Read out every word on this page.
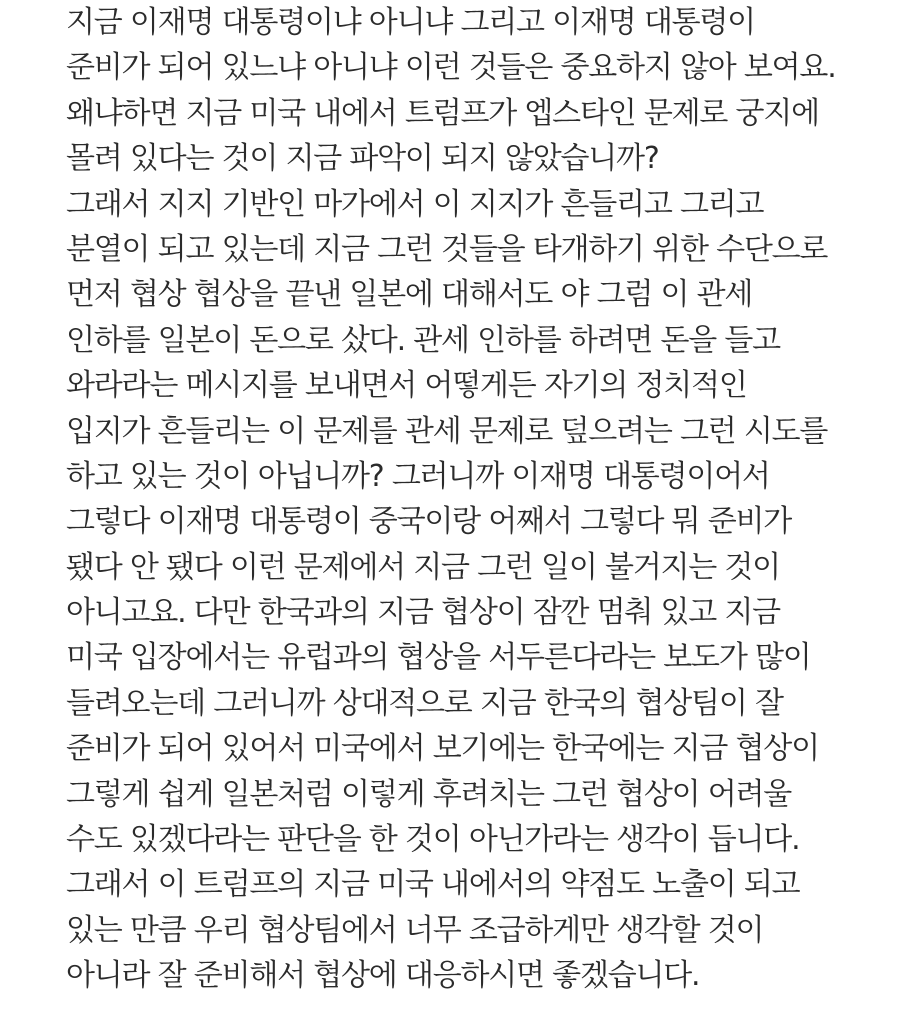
지금 이재명 대통령이냐 아니냐 그리고 이재명 대통령이
준비가 되어 있느냐 아니냐 이런 것들은 중요하지 않아 보여요.
왜냐하면 지금 미국 내에서 트럼프가 엡스타인 문제로 궁지에
몰려 있다는 것이 지금 파악이 되지 않았습니까?
그래서 지지 기반인 마가에서 이 지지가 흔들리고 그리고
분열이 되고 있는데 지금 그런 것들을 타개하기 위한 수단으로
먼저 협상 협상을 끝낸 일본에 대해서도 야 그럼 이 관세
인하를 일본이 돈으로 샀다. 관세 인하를 하려면 돈을 들고
와라라는 메시지를 보내면서 어떻게든 자기의 정치적인
입지가 흔들리는 이 문제를 관세 문제로 덮으려는 그런 시도를
하고 있는 것이 아닙니까? 그러니까 이재명 대통령이어서
그렇다 이재명 대통령이 중국이랑 어째서 그렇다 뭐 준비가
됐다 안 됐다 이런 문제에서 지금 그런 일이 불거지는 것이
아니고요. 다만 한국과의 지금 협상이 잠깐 멈춰 있고 지금
미국 입장에서는 유럽과의 협상을 서두른다라는 보도가 많이
들려오는데 그러니까 상대적으로 지금 한국의 협상팀이 잘
준비가 되어 있어서 미국에서 보기에는 한국에는 지금 협상이
그렇게 쉽게 일본처럼 이렇게 후려치는 그런 협상이 어려울
수도 있겠다라는 판단을 한 것이 아닌가라는 생각이 듭니다.
그래서 이 트럼프의 지금 미국 내에서의 약점도 노출이 되고
있는 만큼 우리 협상팀에서 너무 조급하게만 생각할 것이
아니라 잘 준비해서 협상에 대응하시면 좋겠습니다.
